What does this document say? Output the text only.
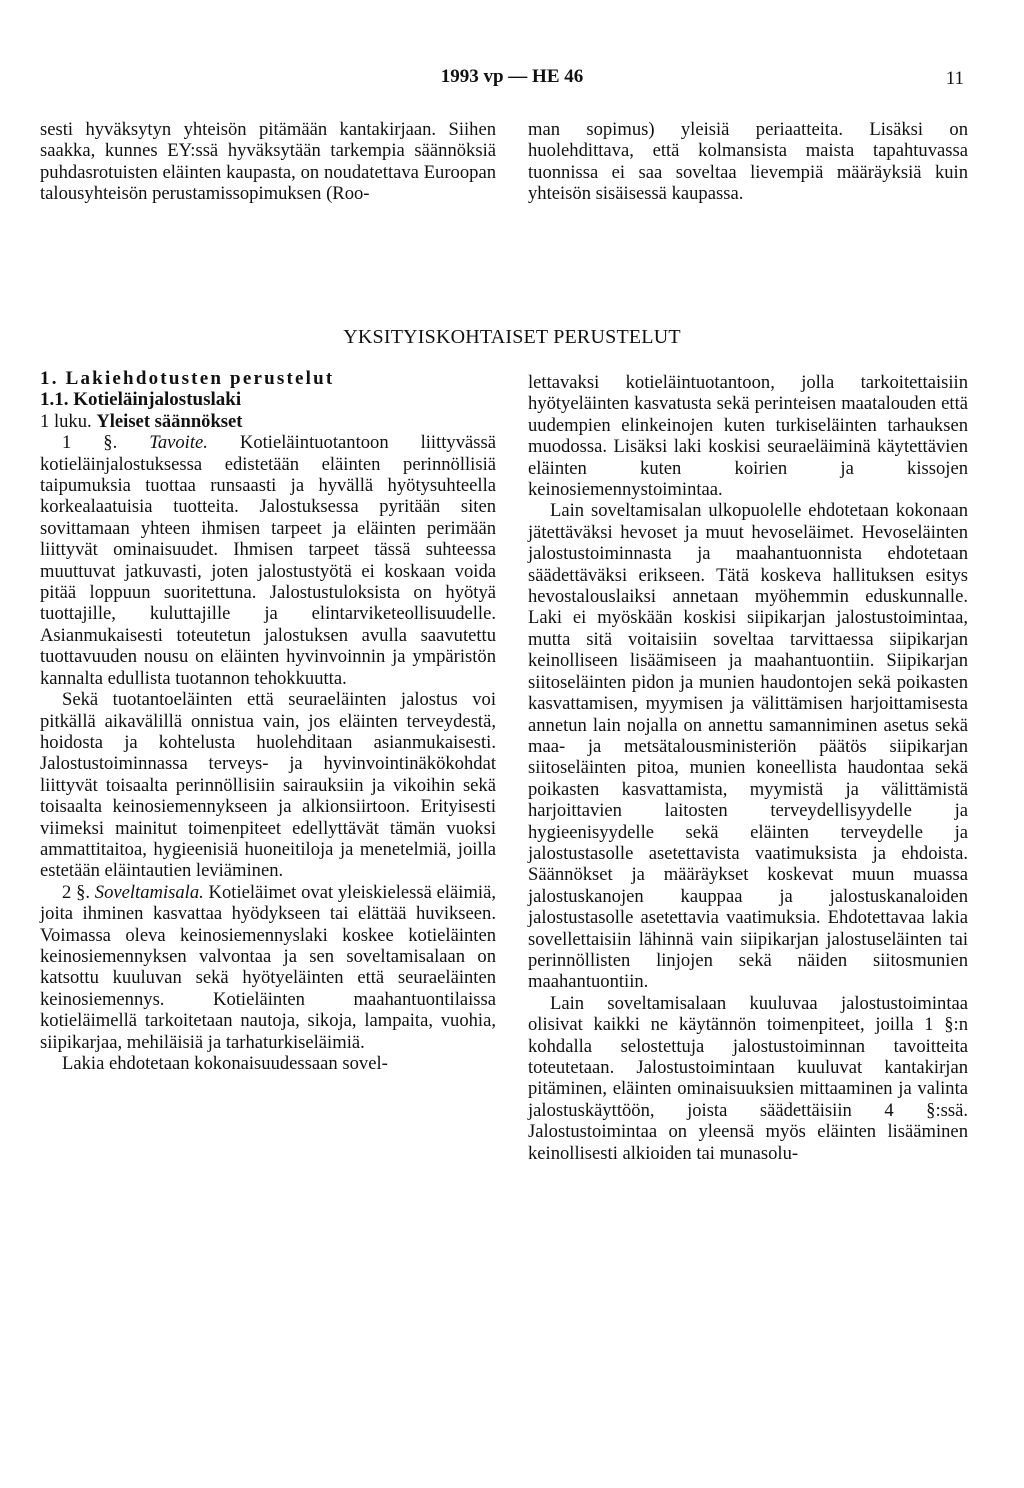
1993 vp — HE 46	11

sesti hyväksytyn yhteisön pitämään kantakirjaan. Siihen saakka, kunnes EY:ssä hyväksytään tarkempia säännöksiä puhdasrotuisten eläinten kaupasta, on noudatettava Euroopan talousyhteisön perustamissopimuksen (Roo-

man sopimus) yleisiä periaatteita. Lisäksi on huolehdittava, että kolmansista maista tapahtuvassa tuonnissa ei saa soveltaa lievempiä määräyksiä kuin yhteisön sisäisessä kaupassa.

YKSITYISKOHTAISET PERUSTELUT

1. Lakiehdotusten perustelut

1.1. Kotieläinjalostuslaki

1 luku. Yleiset säännökset

1 §. Tavoite. Kotieläintuotantoon liittyvässä kotieläinjalostuksessa edistetään eläinten perinnöllisiä taipumuksia tuottaa runsaasti ja hyvällä hyötysuhteella korkealaatuisia tuotteita. Jalostuksessa pyritään siten sovittamaan yhteen ihmisen tarpeet ja eläinten perimään liittyvät ominaisuudet. Ihmisen tarpeet tässä suhteessa muuttuvat jatkuvasti, joten jalostustyötä ei koskaan voida pitää loppuun suoritettuna. Jalostustuloksista on hyötyä tuottajille, kuluttajille ja elintarviketeollisuudelle. Asianmukaisesti toteutetun jalostuksen avulla saavutettu tuottavuuden nousu on eläinten hyvinvoinnin ja ympäristön kannalta edullista tuotannon tehokkuutta.

Sekä tuotantoeläinten että seuraeläinten jalostus voi pitkällä aikavälillä onnistua vain, jos eläinten terveydestä, hoidosta ja kohtelusta huolehditaan asianmukaisesti. Jalostustoiminnassa terveys- ja hyvinvointinäkökohdat liittyvät toisaalta perinnöllisiin sairauksiin ja vikoihin sekä toisaalta keinosiemennykseen ja alkionsiirtoon. Erityisesti viimeksi mainitut toimenpiteet edellyttävät tämän vuoksi ammattitaitoa, hygieenisiä huoneitiloja ja menetelmiä, joilla estetään eläintautien leviäminen.

2 §. Soveltamisala. Kotieläimet ovat yleiskielessä eläimiä, joita ihminen kasvattaa hyödykseen tai elättää huvikseen. Voimassa oleva keinosiemennyslaki koskee kotieläinten keinosiemennyksen valvontaa ja sen soveltamisalaan on katsottu kuuluvan sekä hyötyeläinten että seuraeläinten keinosiemennys. Kotieläinten maahantuontilaissa kotieläimellä tarkoitetaan nautoja, sikoja, lampaita, vuohia, siipikarjaa, mehiläisiä ja tarhaturkiseläimiä.

Lakia ehdotetaan kokonaisuudessaan sovel-

lettavaksi kotieläintuotantoon, jolla tarkoitettaisiin hyötyeläinten kasvatusta sekä perinteisen maatalouden että uudempien elinkeinojen kuten turkiseläinten tarhauksen muodossa. Lisäksi laki koskisi seuraeläiminä käytettävien eläinten kuten koirien ja kissojen keinosiemennystoimintaa.

Lain soveltamisalan ulkopuolelle ehdotetaan kokonaan jätettäväksi hevoset ja muut hevoseläimet. Hevoseläinten jalostustoiminnasta ja maahantuonnista ehdotetaan säädettäväksi erikseen. Tätä koskeva hallituksen esitys hevostalouslaiksi annetaan myöhemmin eduskunnalle. Laki ei myöskään koskisi siipikarjan jalostustoimintaa, mutta sitä voitaisiin soveltaa tarvittaessa siipikarjan keinolliseen lisäämiseen ja maahantuontiin. Siipikarjan siitoseläinten pidon ja munien haudontojen sekä poikasten kasvattamisen, myymisen ja välittämisen harjoittamisesta annetun lain nojalla on annettu samanniminen asetus sekä maa- ja metsätalousministeriön päätös siipikarjan siitoseläinten pitoa, munien koneellista haudontaa sekä poikasten kasvattamista, myymistä ja välittämistä harjoittavien laitosten terveydellisyydelle ja hygieenisyydelle sekä eläinten terveydelle ja jalostustasolle asetettavista vaatimuksista ja ehdoista. Säännökset ja määräykset koskevat muun muassa jalostuskanojen kauppaa ja jalostuskanaloiden jalostustasolle asetettavia vaatimuksia. Ehdotettavaa lakia sovellettaisiin lähinnä vain siipikarjan jalostuseläinten tai perinnöllisten linjojen sekä näiden siitosmunien maahantuontiin.

Lain soveltamisalaan kuuluvaa jalostustoimintaa olisivat kaikki ne käytännön toimenpiteet, joilla 1 §:n kohdalla selostettuja jalostustoiminnan tavoitteita toteutetaan. Jalostustoimintaan kuuluvat kantakirjan pitäminen, eläinten ominaisuuksien mittaaminen ja valinta jalostuskäyttöön, joista säädettäisiin 4 §:ssä. Jalostustoimintaa on yleensä myös eläinten lisääminen keinollisesti alkioiden tai munasolu-
